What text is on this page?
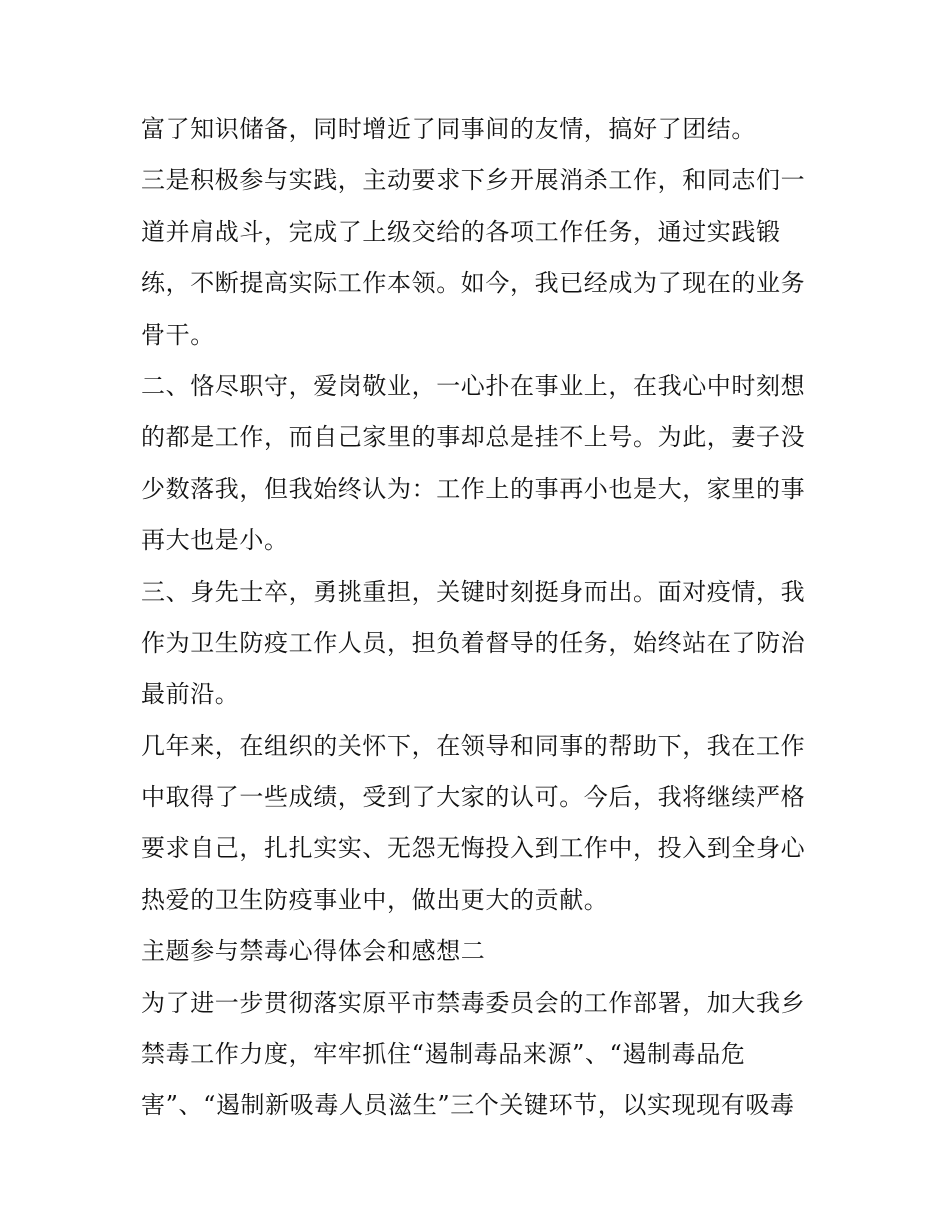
富了知识储备，同时增近了同事间的友情，搞好了团结。
三是积极参与实践，主动要求下乡开展消杀工作，和同志们一
道并肩战斗，完成了上级交给的各项工作任务，通过实践锻
练，不断提高实际工作本领。如今，我已经成为了现在的业务
骨干。
二、恪尽职守，爱岗敬业，一心扑在事业上，在我心中时刻想
的都是工作，而自己家里的事却总是挂不上号。为此，妻子没
少数落我，但我始终认为：工作上的事再小也是大，家里的事
再大也是小。
三、身先士卒，勇挑重担，关键时刻挺身而出。面对疫情，我
作为卫生防疫工作人员，担负着督导的任务，始终站在了防治
最前沿。
几年来，在组织的关怀下，在领导和同事的帮助下，我在工作
中取得了一些成绩，受到了大家的认可。今后，我将继续严格
要求自己，扎扎实实、无怨无悔投入到工作中，投入到全身心
热爱的卫生防疫事业中，做出更大的贡献。
主题参与禁毒心得体会和感想二
为了进一步贯彻落实原平市禁毒委员会的工作部署，加大我乡
禁毒工作力度，牢牢抓住“遏制毒品来源”、“遏制毒品危
害”、“遏制新吸毒人员滋生”三个关键环节，以实现现有吸毒
